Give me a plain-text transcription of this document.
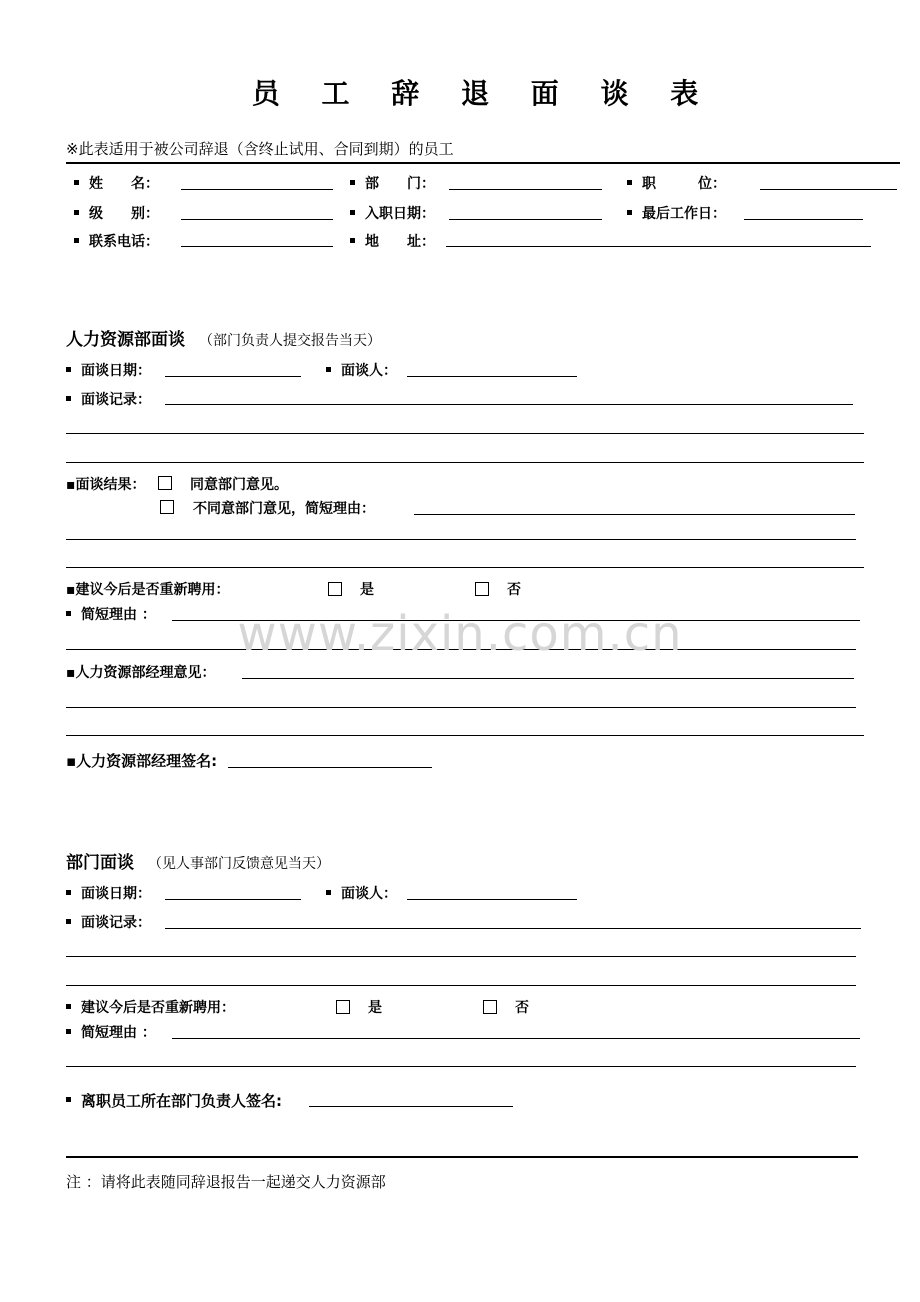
员 工 辞 退 面 谈 表
※此表适用于被公司辞退（含终止试用、合同到期）的员工
姓　　名：	部　　门：	职　　　位：
级　　别：	入职日期：	最后工作日：
联系电话：	地　　址：
人力资源部面谈 （部门负责人提交报告当天）
面谈日期：	面谈人：
面谈记录：
▪面谈结果：	同意部门意见。
不同意部门意见，简短理由：
▪建议今后是否重新聘用：	是	否
简短理由 ：
▪人力资源部经理意见：
▪人力资源部经理签名:
部门面谈 （见人事部门反馈意见当天）
面谈日期：	面谈人：
面谈记录：
建议今后是否重新聘用：	是	否
简短理由 ：
离职员工所在部门负责人签名:
注 ：请将此表随同辞退报告一起递交人力资源部
www.zixin.com.cn
